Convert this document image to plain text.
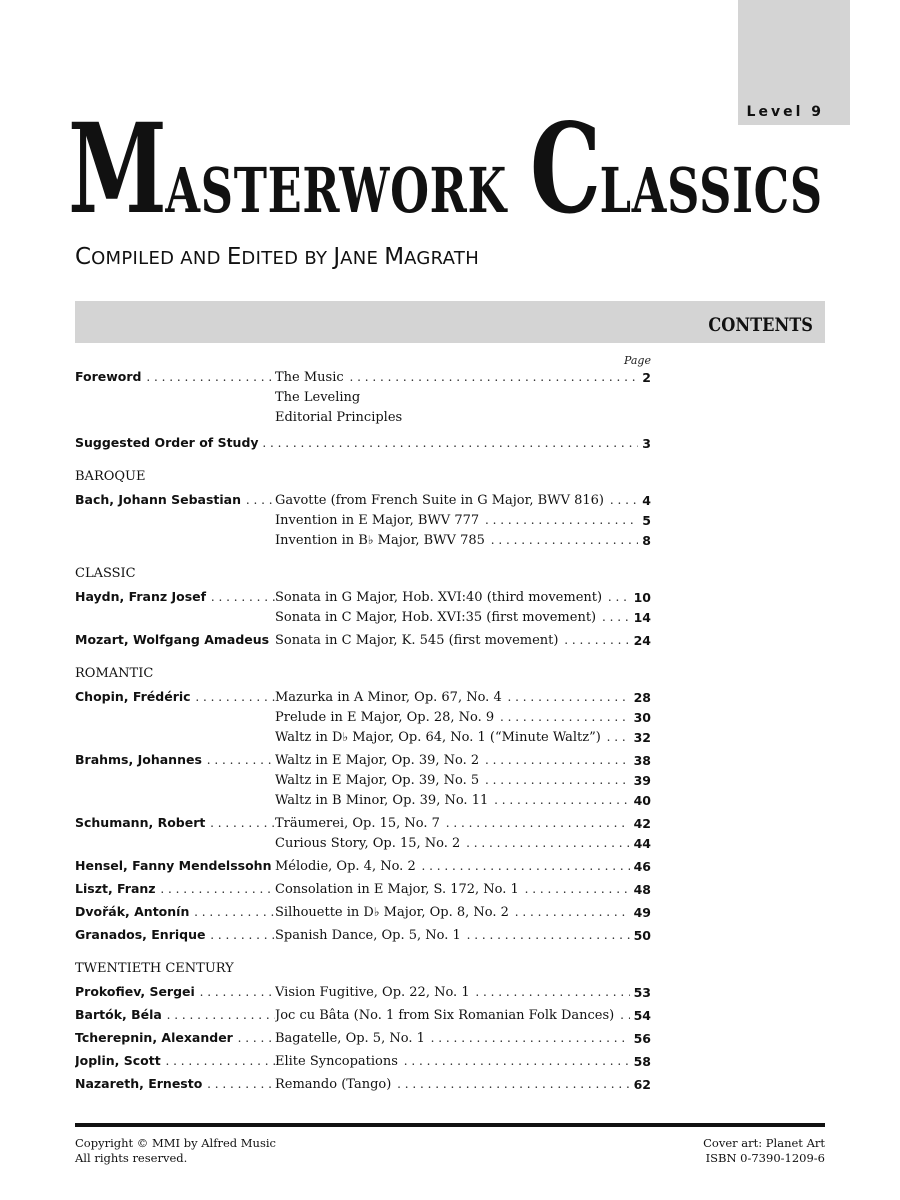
Level 9
MASTERWORK CLASSICS
COMPILED AND EDITED BY JANE MAGRATH
CONTENTS
Page
Foreword . . .	The Music . . .	2
The Leveling
Editorial Principles
Suggested Order of Study . . .	3
BAROQUE
Bach, Johann Sebastian . . .	Gavotte (from French Suite in G Major, BWV 816) . . .	4
Invention in E Major, BWV 777 . . .	5
Invention in B♭ Major, BWV 785 . . .	8
CLASSIC
Haydn, Franz Josef . . .	Sonata in G Major, Hob. XVI:40 (third movement) . . .	10
Sonata in C Major, Hob. XVI:35 (first movement) . . .	14
Mozart, Wolfgang Amadeus . . . Sonata in C Major, K. 545 (first movement) . . .	24
ROMANTIC
Chopin, Frédéric . . .	Mazurka in A Minor, Op. 67, No. 4 . . .	28
Prelude in E Major, Op. 28, No. 9 . . .	30
Waltz in D♭ Major, Op. 64, No. 1 (“Minute Waltz”) . . .	32
Brahms, Johannes . . .	Waltz in E Major, Op. 39, No. 2 . . .	38
Waltz in E Major, Op. 39, No. 5 . . .	39
Waltz in B Minor, Op. 39, No. 11 . . .	40
Schumann, Robert . . .	Träumerei, Op. 15, No. 7 . . .	42
Curious Story, Op. 15, No. 2 . . .	44
Hensel, Fanny Mendelssohn . . . Mélodie, Op. 4, No. 2 . . .	46
Liszt, Franz . . .	Consolation in E Major, S. 172, No. 1 . . .	48
Dvořák, Antonín . . .	Silhouette in D♭ Major, Op. 8, No. 2 . . .	49
Granados, Enrique . . .	Spanish Dance, Op. 5, No. 1 . . .	50
TWENTIETH CENTURY
Prokofiev, Sergei . . .	Vision Fugitive, Op. 22, No. 1 . . .	53
Bartók, Béla . . .	Joc cu Bâta (No. 1 from Six Romanian Folk Dances) . . .	54
Tcherepnin, Alexander . . .	Bagatelle, Op. 5, No. 1 . . .	56
Joplin, Scott . . .	Elite Syncopations . . .	58
Nazareth, Ernesto . . .	Remando (Tango) . . .	62
Copyright © MMI by Alfred Music
All rights reserved.
Cover art: Planet Art
ISBN 0-7390-1209-6
